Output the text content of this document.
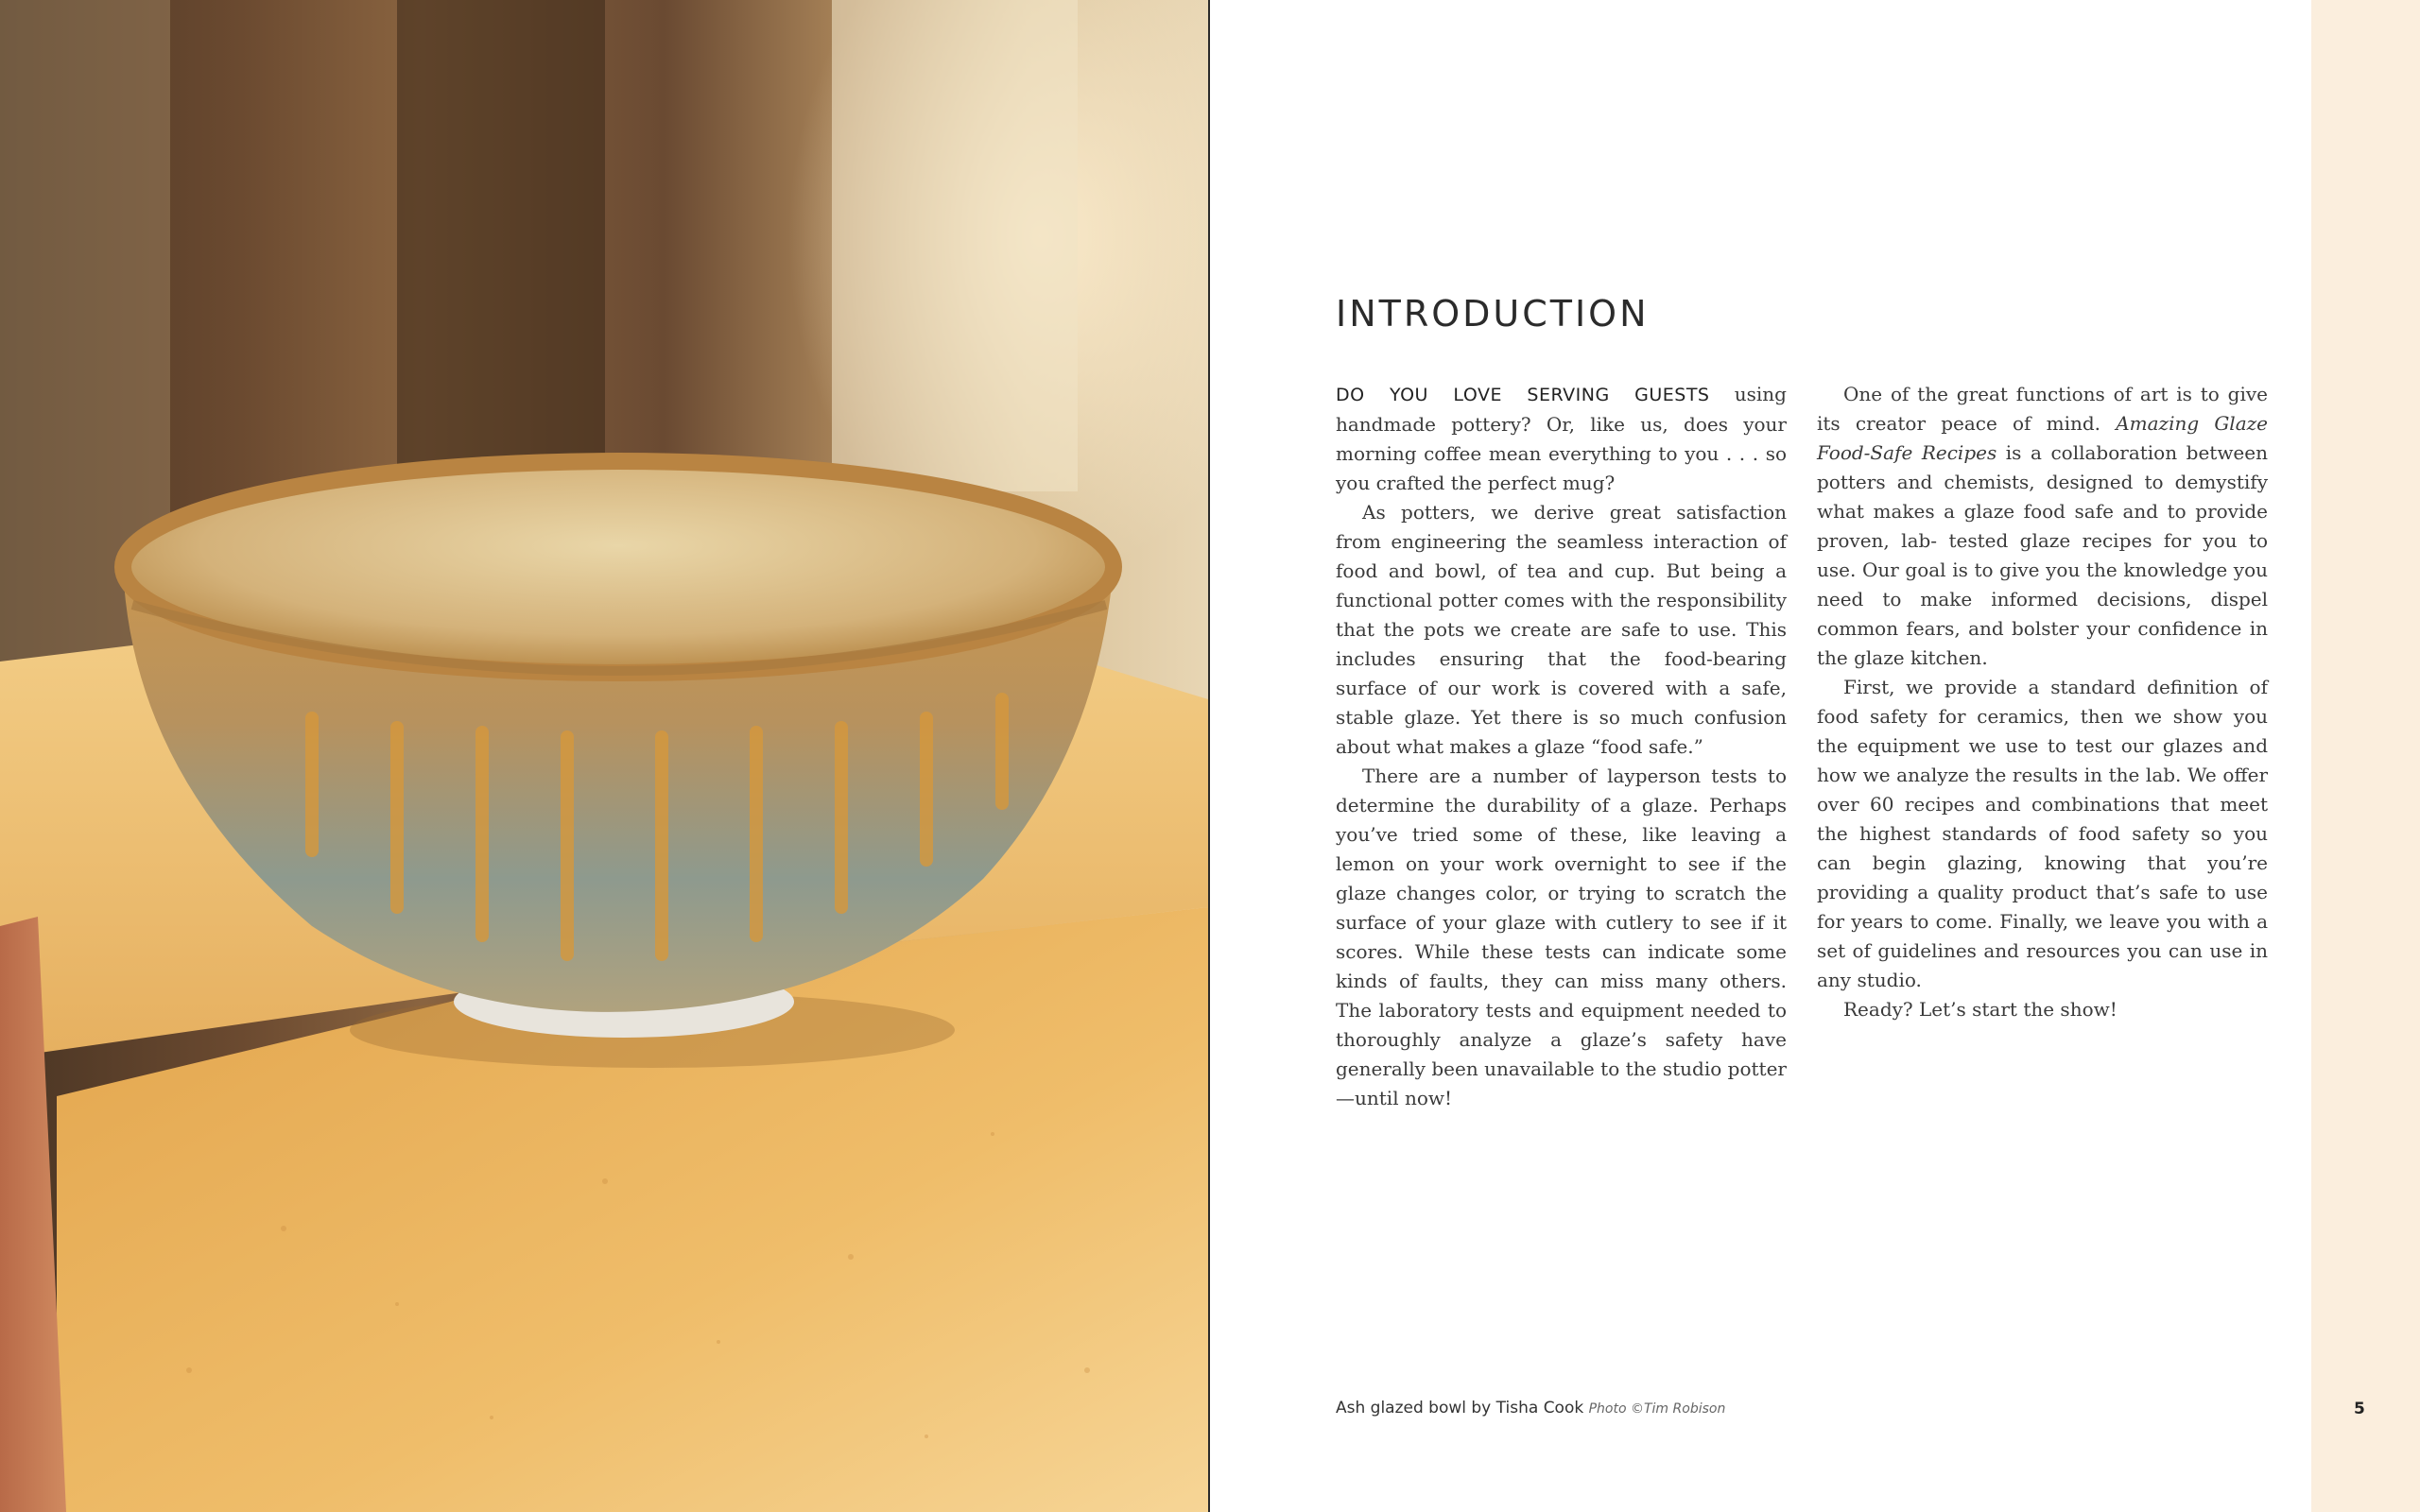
INTRODUCTION

DO YOU LOVE SERVING GUESTS using handmade pottery? Or, like us, does your morning coffee mean everything to you . . . so you crafted the perfect mug?

As potters, we derive great satisfaction from engineering the seamless interaction of food and bowl, of tea and cup. But being a functional potter comes with the responsibility that the pots we create are safe to use. This includes ensuring that the food-bearing surface of our work is covered with a safe, stable glaze. Yet there is so much confusion about what makes a glaze “food safe.”

There are a number of layperson tests to determine the durability of a glaze. Perhaps you’ve tried some of these, like leaving a lemon on your work overnight to see if the glaze changes color, or trying to scratch the surface of your glaze with cutlery to see if it scores. While these tests can indicate some kinds of faults, they can miss many others. The laboratory tests and equipment needed to thoroughly analyze a glaze’s safety have generally been unavailable to the studio potter—until now!

One of the great functions of art is to give its creator peace of mind. Amazing Glaze Food-Safe Recipes is a collaboration between potters and chemists, designed to demystify what makes a glaze food safe and to provide proven, lab- tested glaze recipes for you to use. Our goal is to give you the knowledge you need to make informed decisions, dispel common fears, and bolster your confidence in the glaze kitchen.

First, we provide a standard definition of food safety for ceramics, then we show you the equipment we use to test our glazes and how we analyze the results in the lab. We offer over 60 recipes and combinations that meet the highest standards of food safety so you can begin glazing, knowing that you’re providing a quality product that’s safe to use for years to come. Finally, we leave you with a set of guidelines and resources you can use in any studio.

Ready? Let’s start the show!

Ash glazed bowl by Tisha Cook Photo ©Tim Robison	5
